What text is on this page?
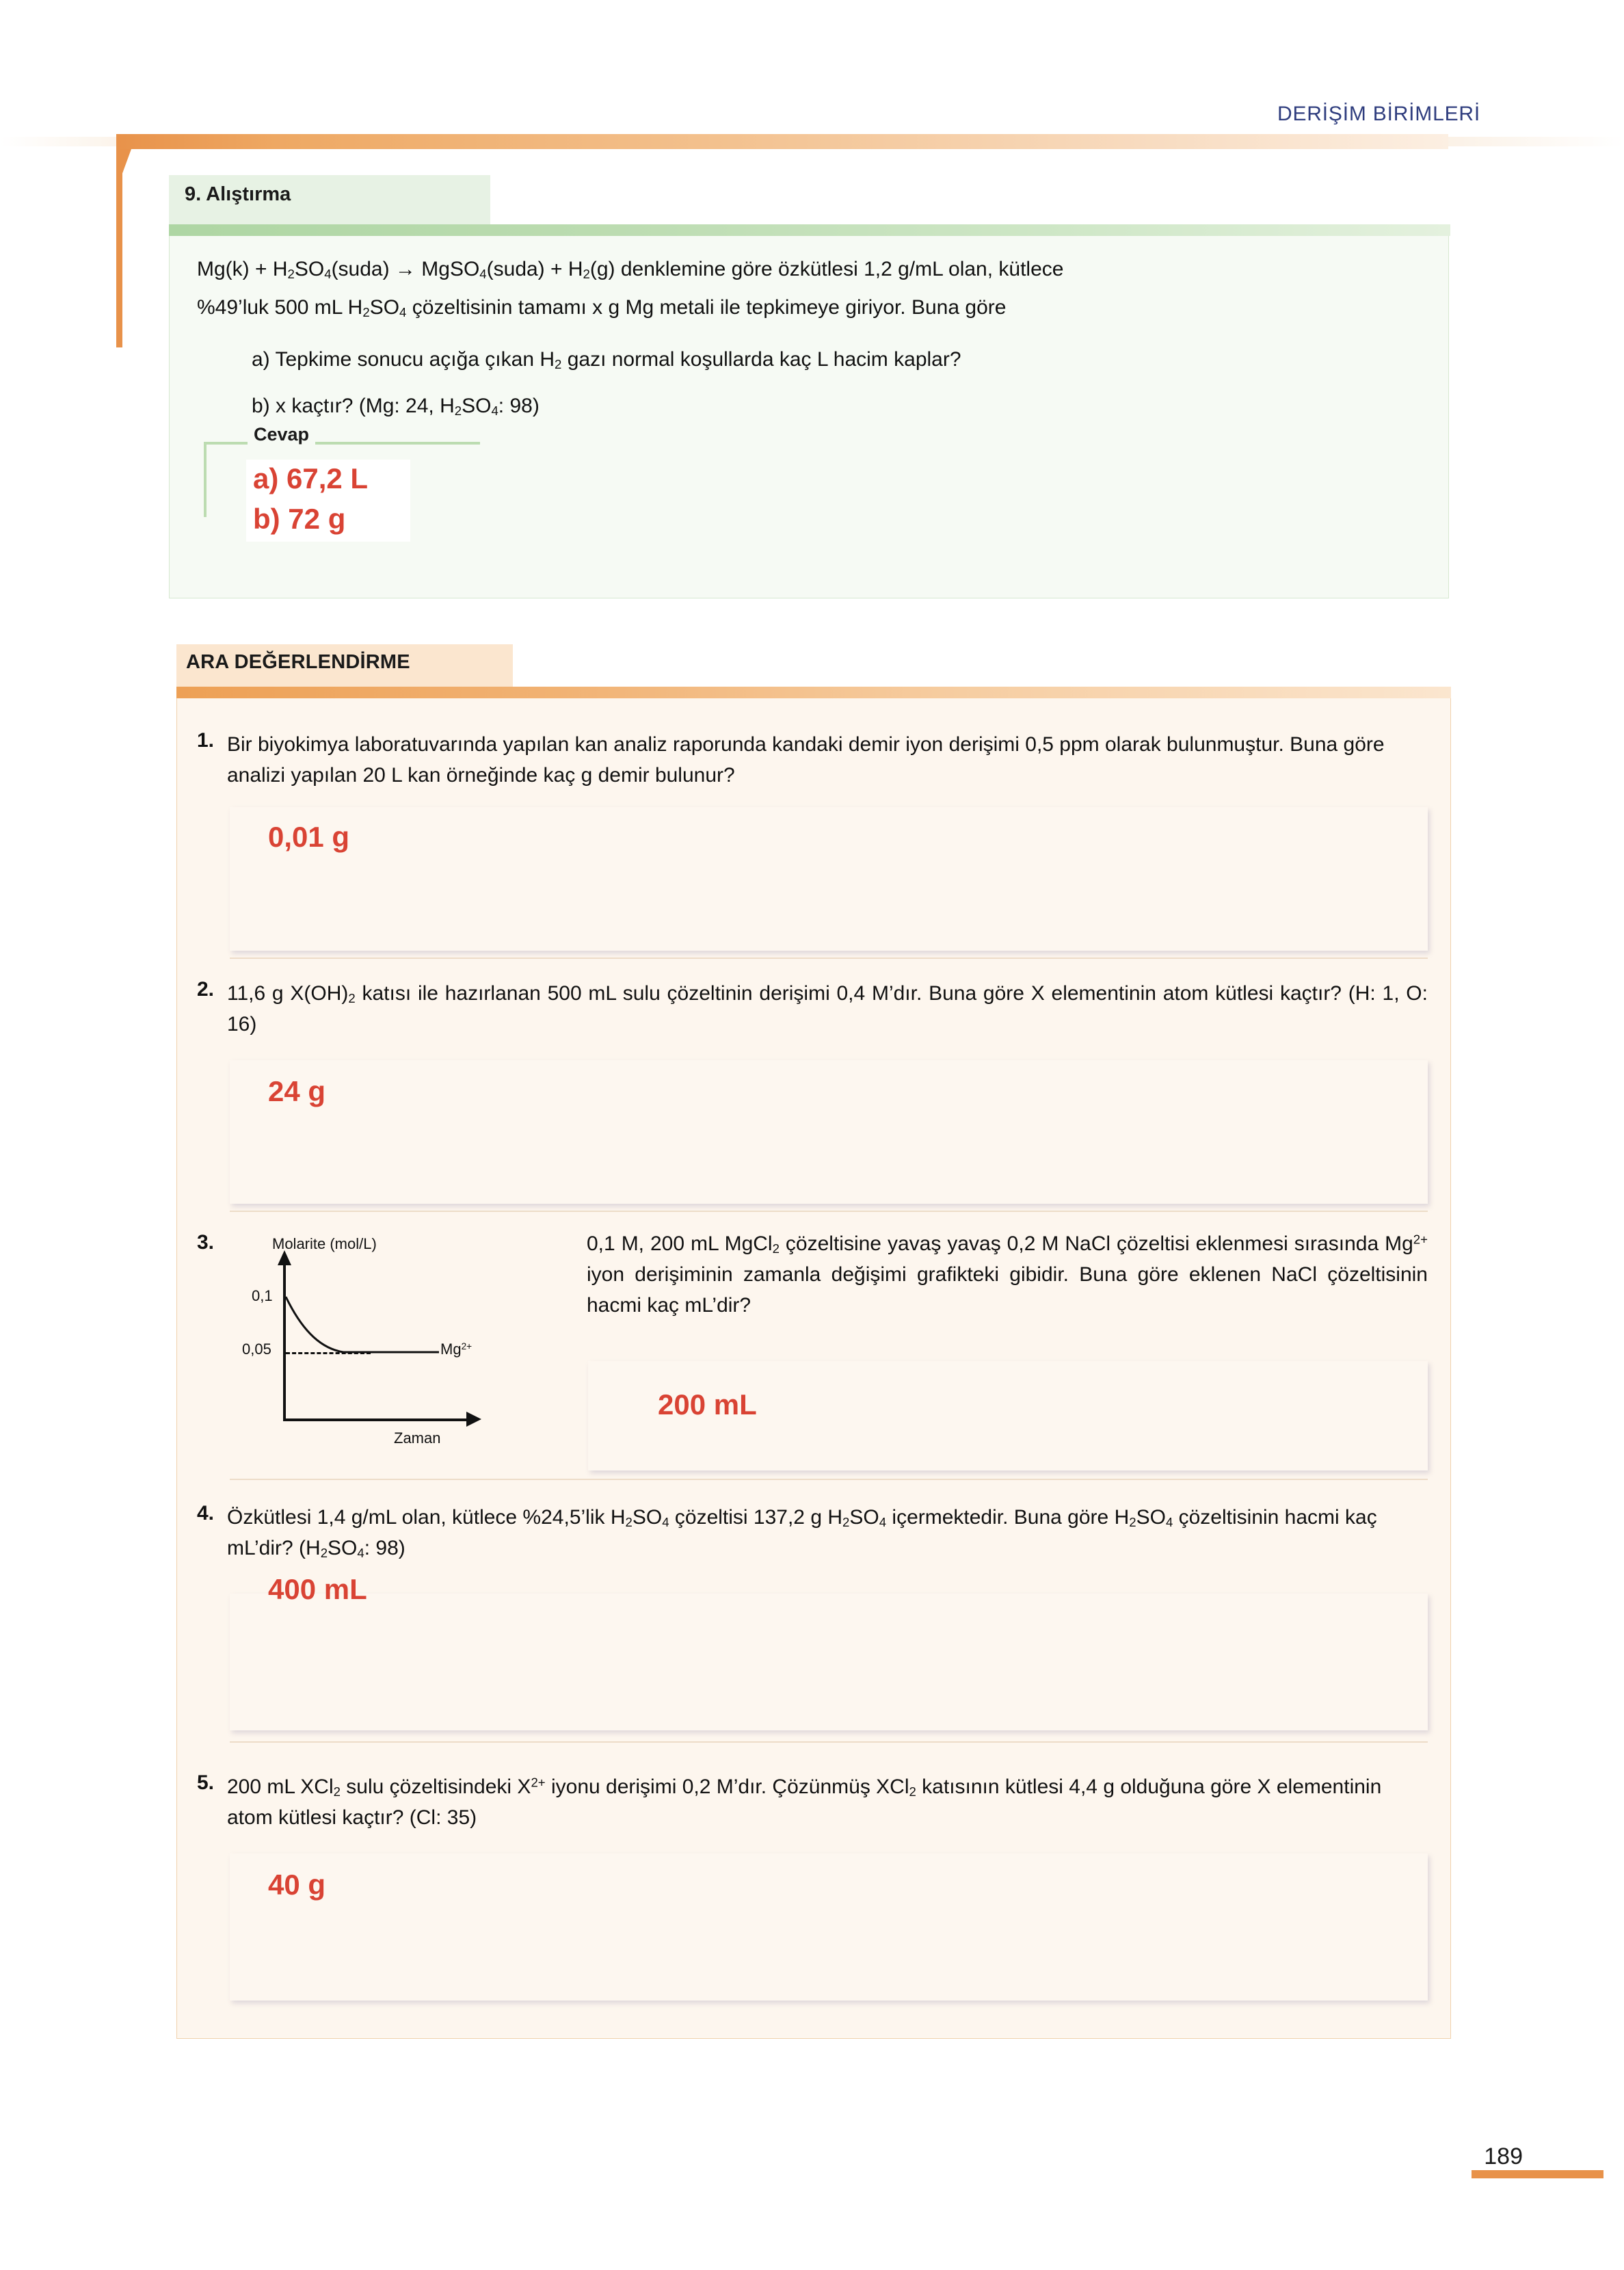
DERİŞİM BİRİMLERİ
9. Alıştırma
$Mg(k) + H_2SO_4(suda)$ → MgSO$_4$(suda) + $H_2(g)$ denklemine göre özkütlesi 1,2 g/mL olan, kütlece
%49’luk 500 mL $H_2SO_4$ çözeltisinin tamamı x g Mg metali ile tepkimeye giriyor. Buna göre
a) Tepkime sonucu açığa çıkan $H_2$ gazı normal koşullarda kaç L hacim kaplar?
b) x kaçtır? (Mg: 24, $H_2SO_4$: 98)
Cevap
a) 67,2 L
b) 72 g
ARA DEĞERLENDİRME
1. Bir biyokimya laboratuvarında yapılan kan analiz raporunda kandaki demir iyon derişimi 0,5 ppm olarak bulunmuştur. Buna göre analizi yapılan 20 L kan örneğinde kaç g demir bulunur?
0,01 g
2. 11,6 g $X(OH)_2$ katısı ile hazırlanan 500 mL sulu çözeltinin derişimi 0,4 M’dır. Buna göre X elementinin atom kütlesi kaçtır? (H: 1, O: 16)
24 g
3.	Molarite (mol/L)
0,1
0,05	$Mg^{2+}$
Zaman
0,1 M, 200 mL MgCl$_2$ çözeltisine yavaş yavaş 0,2 M NaCl çözeltisi eklenmesi sırasında $Mg^{2+}$ iyon derişiminin zamanla değişimi grafikteki gibidir. Buna göre eklenen NaCl çözeltisinin hacmi kaç mL’dir?
200 mL
4. Özkütlesi 1,4 g/mL olan, kütlece %24,5’lik $H_2SO_4$ çözeltisi 137,2 g $H_2SO_4$ içermektedir. Buna göre $H_2SO_4$ çözeltisinin hacmi kaç mL’dir? ($H_2SO_4$: 98)
400 mL
5. 200 mL XCl$_2$ sulu çözeltisindeki $X^{2+}$ iyonu derişimi 0,2 M’dır. Çözünmüş XCl$_2$ katısının kütlesi 4,4 g olduğuna göre X elementinin atom kütlesi kaçtır? (Cl: 35)
40 g
189
